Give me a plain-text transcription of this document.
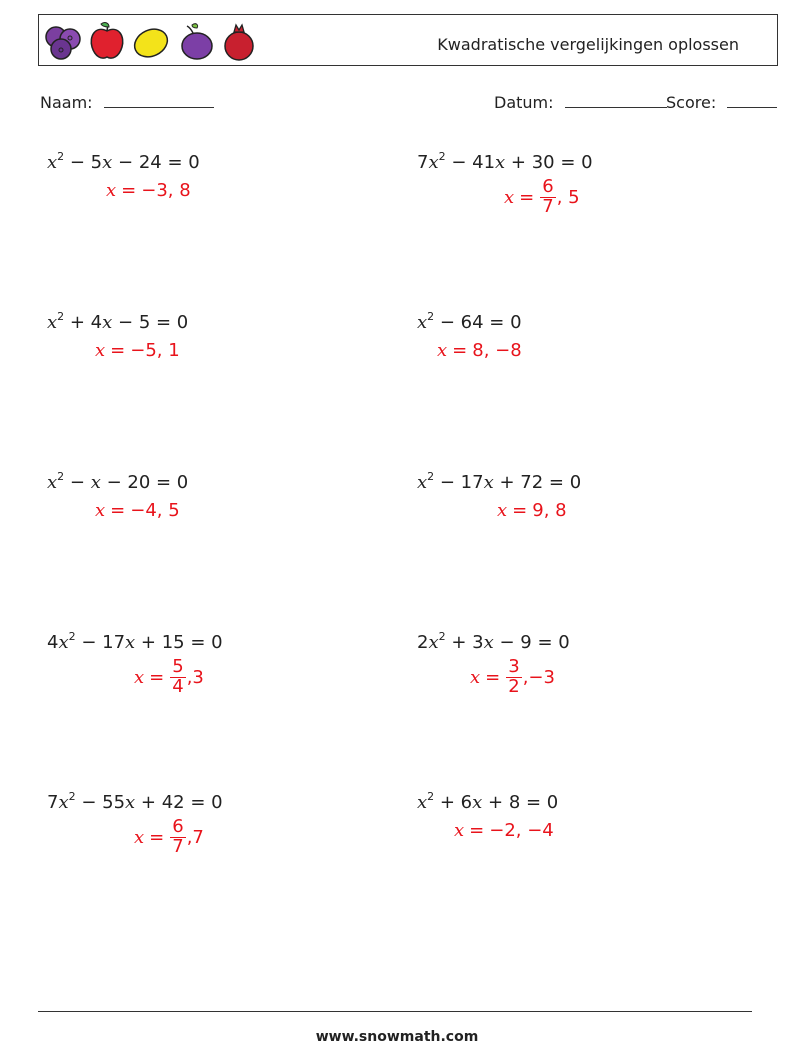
Kwadratische vergelijkingen oplossen
Naam:	Datum:	Score:
$x^2 - 5x - 24 = 0$
x = −3, 8
$7x^2 - 41x + 30 = 0$
$x = \frac{6}{7}$ , 5
$x^2 + 4x - 5 = 0$
x = −5, 1
$x^2 - 64 = 0$
x = 8, −8
$x^2 - x - 20 = 0$
x = −4, 5
$x^2 - 17x + 72 = 0$
x = 9, 8
$4x^2 - 17x + 15 = 0$
$x = \frac{5}{4} ,3$
$2x^2 + 3x - 9 = 0$
$x = \frac{3}{2} ,-3$
$7x^2 - 55x + 42 = 0$
$x = \frac{6}{7} ,7$
$x^2 + 6x + 8 = 0$
x = −2, −4
www.snowmath.com
